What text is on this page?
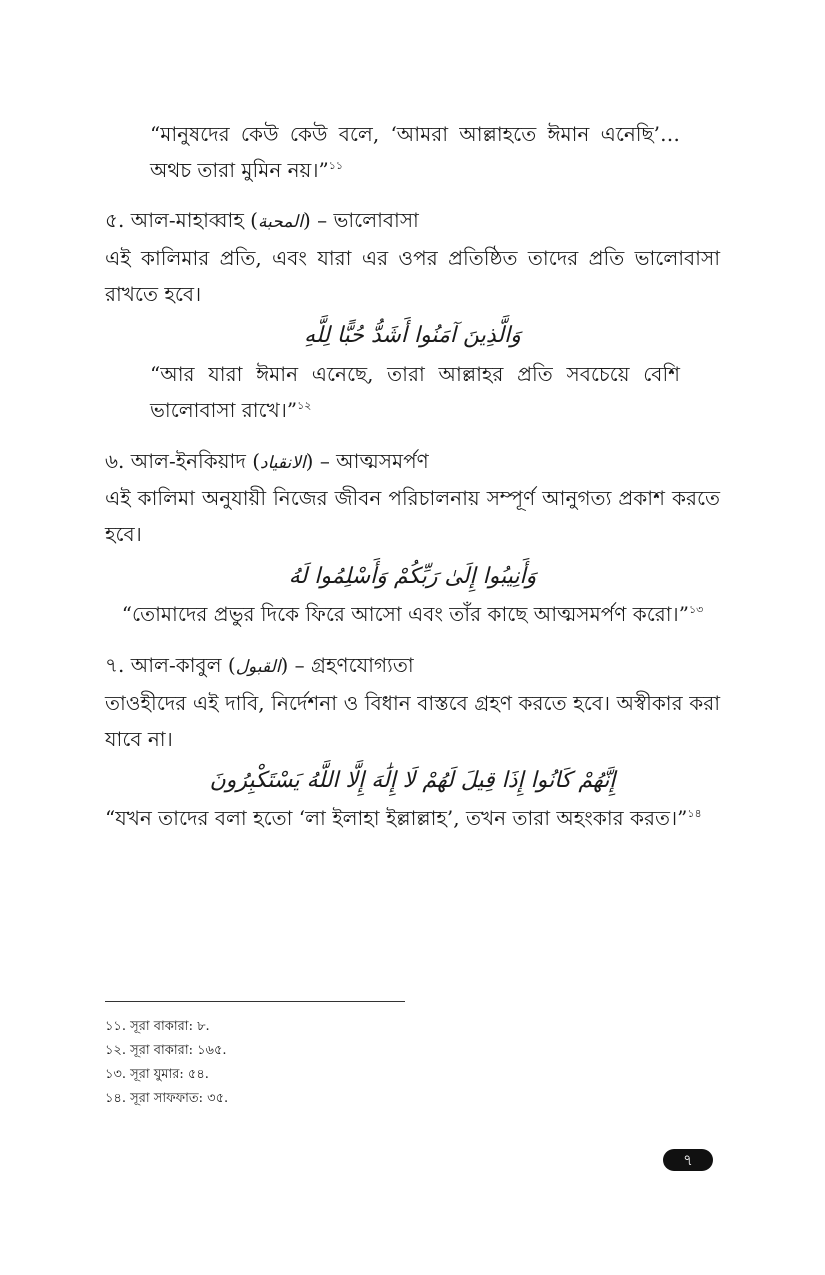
“মানুষদের কেউ কেউ বলে, ‘আমরা আল্লাহতে ঈমান এনেছি’… অথচ তারা মুমিন নয়।”$^{১১}$
৫. আল-মাহাব্বাহ (المحبة) – ভালোবাসা
এই কালিমার প্রতি, এবং যারা এর ওপর প্রতিষ্ঠিত তাদের প্রতি ভালোবাসা রাখতে হবে।
وَالَّذِينَ آمَنُوا أَشَدُّ حُبًّا لِلَّهِ
“আর যারা ঈমান এনেছে, তারা আল্লাহর প্রতি সবচেয়ে বেশি ভালোবাসা রাখে।”$^{১২}$
৬. আল-ইনকিয়াদ (الانقياد) – আত্মসমর্পণ
এই কালিমা অনুযায়ী নিজের জীবন পরিচালনায় সম্পূর্ণ আনুগত্য প্রকাশ করতে হবে।
وَأَنِيبُوا إِلَىٰ رَبِّكُمْ وَأَسْلِمُوا لَهُ
“তোমাদের প্রভুর দিকে ফিরে আসো এবং তাঁর কাছে আত্মসমর্পণ করো।”$^{১৩}$
৭. আল-কাবুল (القبول) – গ্রহণযোগ্যতা
তাওহীদের এই দাবি, নির্দেশনা ও বিধান বাস্তবে গ্রহণ করতে হবে। অস্বীকার করা যাবে না।
إِنَّهُمْ كَانُوا إِذَا قِيلَ لَهُمْ لَا إِلَٰهَ إِلَّا اللَّهُ يَسْتَكْبِرُونَ
“যখন তাদের বলা হতো ‘লা ইলাহা ইল্লাল্লাহ’, তখন তারা অহংকার করত।”$^{১৪}$
১১. সূরা বাকারা: ৮.
১২. সূরা বাকারা: ১৬৫.
১৩. সূরা যুমার: ৫৪.
১৪. সূরা সাফফাত: ৩৫.
৭
